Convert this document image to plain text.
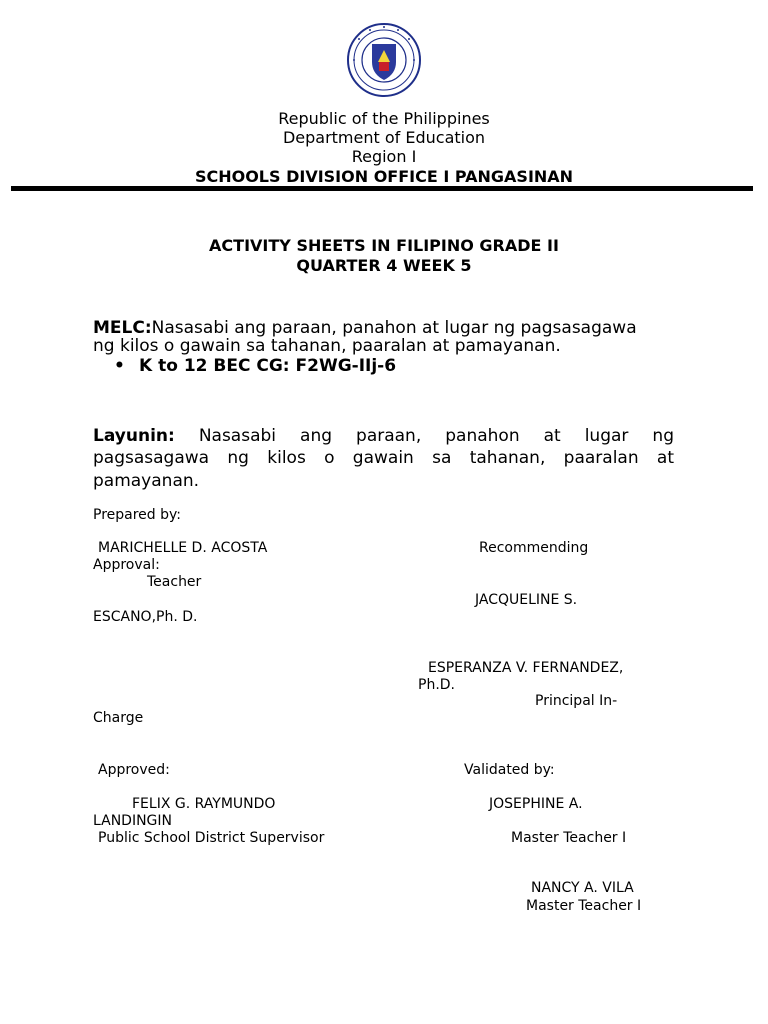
Republic of the Philippines
Department of Education
Region I
SCHOOLS DIVISION OFFICE I PANGASINAN
ACTIVITY SHEETS IN FILIPINO GRADE II
QUARTER 4 WEEK 5
MELC:Nasasabi ang paraan, panahon at lugar ng pagsasagawa
ng kilos o gawain sa tahanan, paaralan at pamayanan.
• K to 12 BEC CG: F2WG-IIj-6
Layunin: Nasasabi ang paraan, panahon at lugar ng
pagsasagawa ng kilos o gawain sa tahanan, paaralan at
pamayanan.
Prepared by:
MARICHELLE D. ACOSTA	Recommending
Approval:
Teacher
JACQUELINE S.
ESCANO,Ph. D.
ESPERANZA V. FERNANDEZ,
Ph.D.
Principal In-
Charge
Approved:	Validated by:
FELIX G. RAYMUNDO	JOSEPHINE A.
LANDINGIN
Public School District Supervisor	Master Teacher I
NANCY A. VILA
Master Teacher I
